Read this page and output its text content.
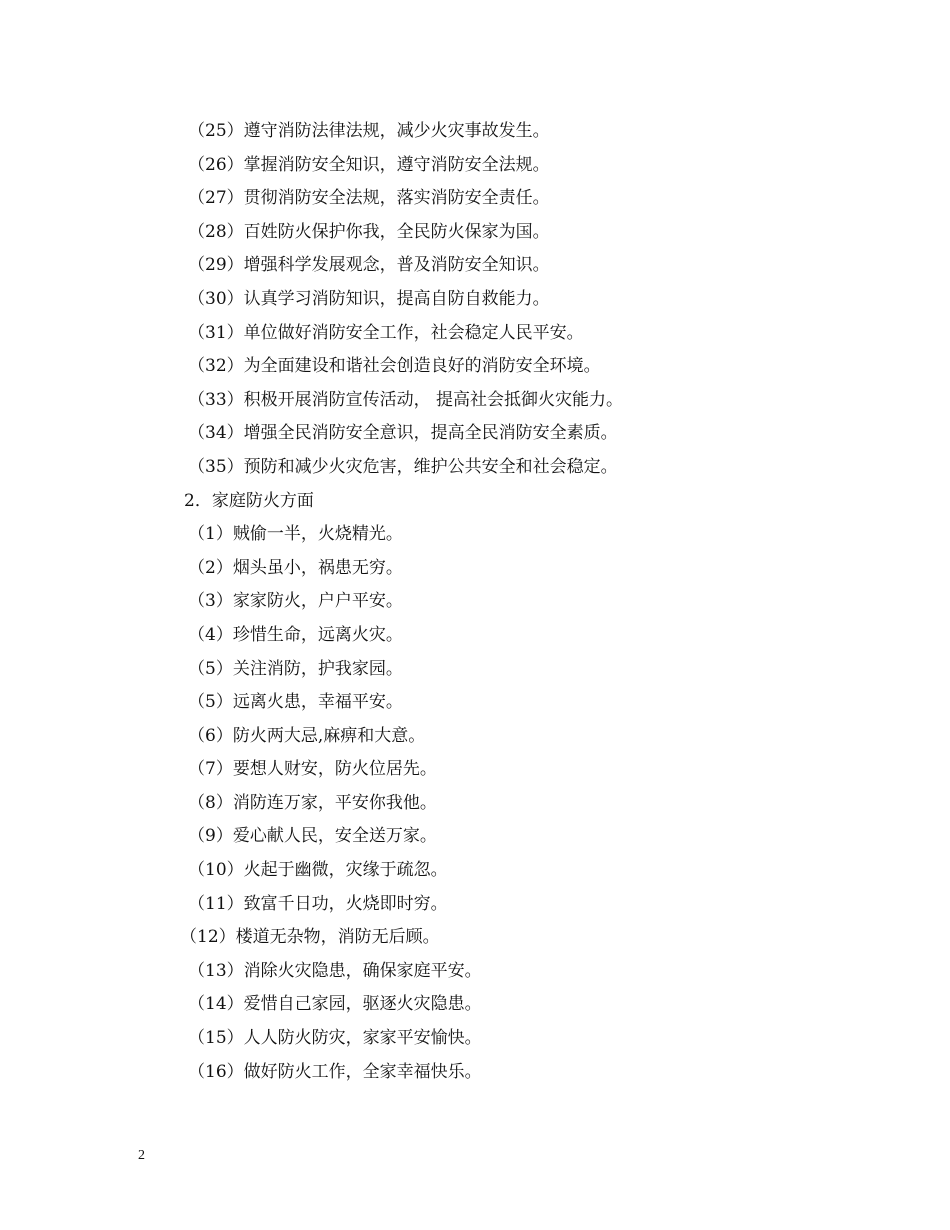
（25）遵守消防法律法规，减少火灾事故发生。
（26）掌握消防安全知识，遵守消防安全法规。
（27）贯彻消防安全法规，落实消防安全责任。
（28）百姓防火保护你我，全民防火保家为国。
（29）增强科学发展观念，普及消防安全知识。
（30）认真学习消防知识，提高自防自救能力。
（31）单位做好消防安全工作，社会稳定人民平安。
（32）为全面建设和谐社会创造良好的消防安全环境。
（33）积极开展消防宣传活动， 提高社会抵御火灾能力。
（34）增强全民消防安全意识，提高全民消防安全素质。
（35）预防和减少火灾危害，维护公共安全和社会稳定。
2．家庭防火方面
（1）贼偷一半，火烧精光。
（2）烟头虽小，祸患无穷。
（3）家家防火，户户平安。
（4）珍惜生命，远离火灾。
（5）关注消防，护我家园。
（5）远离火患，幸福平安。
（6）防火两大忌,麻痹和大意。
（7）要想人财安，防火位居先。
（8）消防连万家，平安你我他。
（9）爱心献人民，安全送万家。
（10）火起于幽微，灾缘于疏忽。
（11）致富千日功，火烧即时穷。
（12）楼道无杂物，消防无后顾。
（13）消除火灾隐患，确保家庭平安。
（14）爱惜自己家园，驱逐火灾隐患。
（15）人人防火防灾，家家平安愉快。
（16）做好防火工作，全家幸福快乐。
2
